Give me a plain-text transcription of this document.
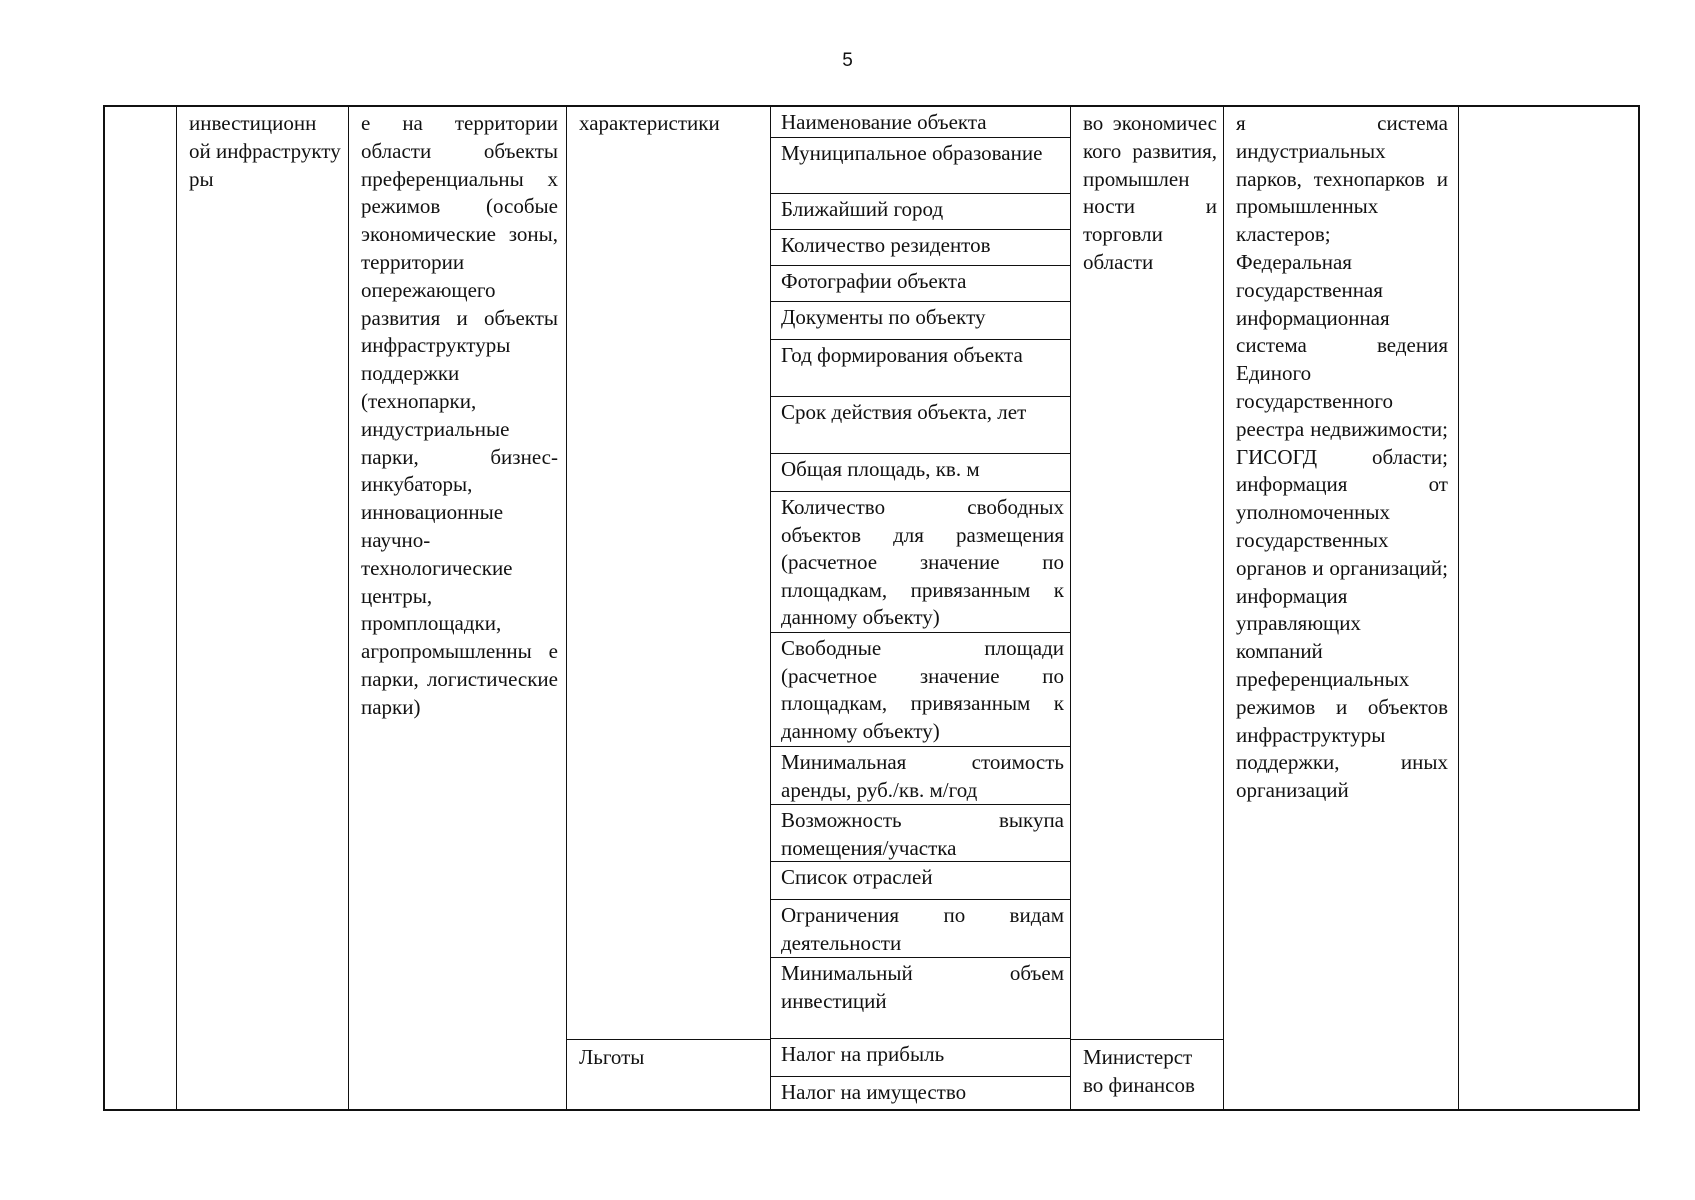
5
инвестиционн ой инфраструкту ры
е на территории области объекты преференциальны х режимов (особые экономические зоны, территории опережающего развития и объекты инфраструктуры поддержки (технопарки, индустриальные парки, бизнес- инкубаторы, инновационные научно- технологические центры, промплощадки, агропромышленны е парки, логистические парки)
характеристики
Льготы
Наименование объекта
Муниципальное образование
Ближайший город
Количество резидентов
Фотографии объекта
Документы по объекту
Год формирования объекта
Срок действия объекта, лет
Общая площадь, кв. м
Количество свободных объектов для размещения (расчетное значение по площадкам, привязанным к данному объекту)
Свободные площади (расчетное значение по площадкам, привязанным к данному объекту)
Минимальная стоимость аренды, руб./кв. м/год
Возможность выкупа помещения/участка
Список отраслей
Ограничения по видам деятельности
Минимальный объем инвестиций
Налог на прибыль
Налог на имущество
во экономичес кого развития, промышлен ности и торговли области
Министерст во финансов
я система индустриальных парков, технопарков и промышленных кластеров; Федеральная государственная информационная система ведения Единого государственного реестра недвижимости; ГИСОГД области; информация от уполномоченных государственных органов и организаций; информация управляющих компаний преференциальных режимов и объектов инфраструктуры поддержки, иных организаций
